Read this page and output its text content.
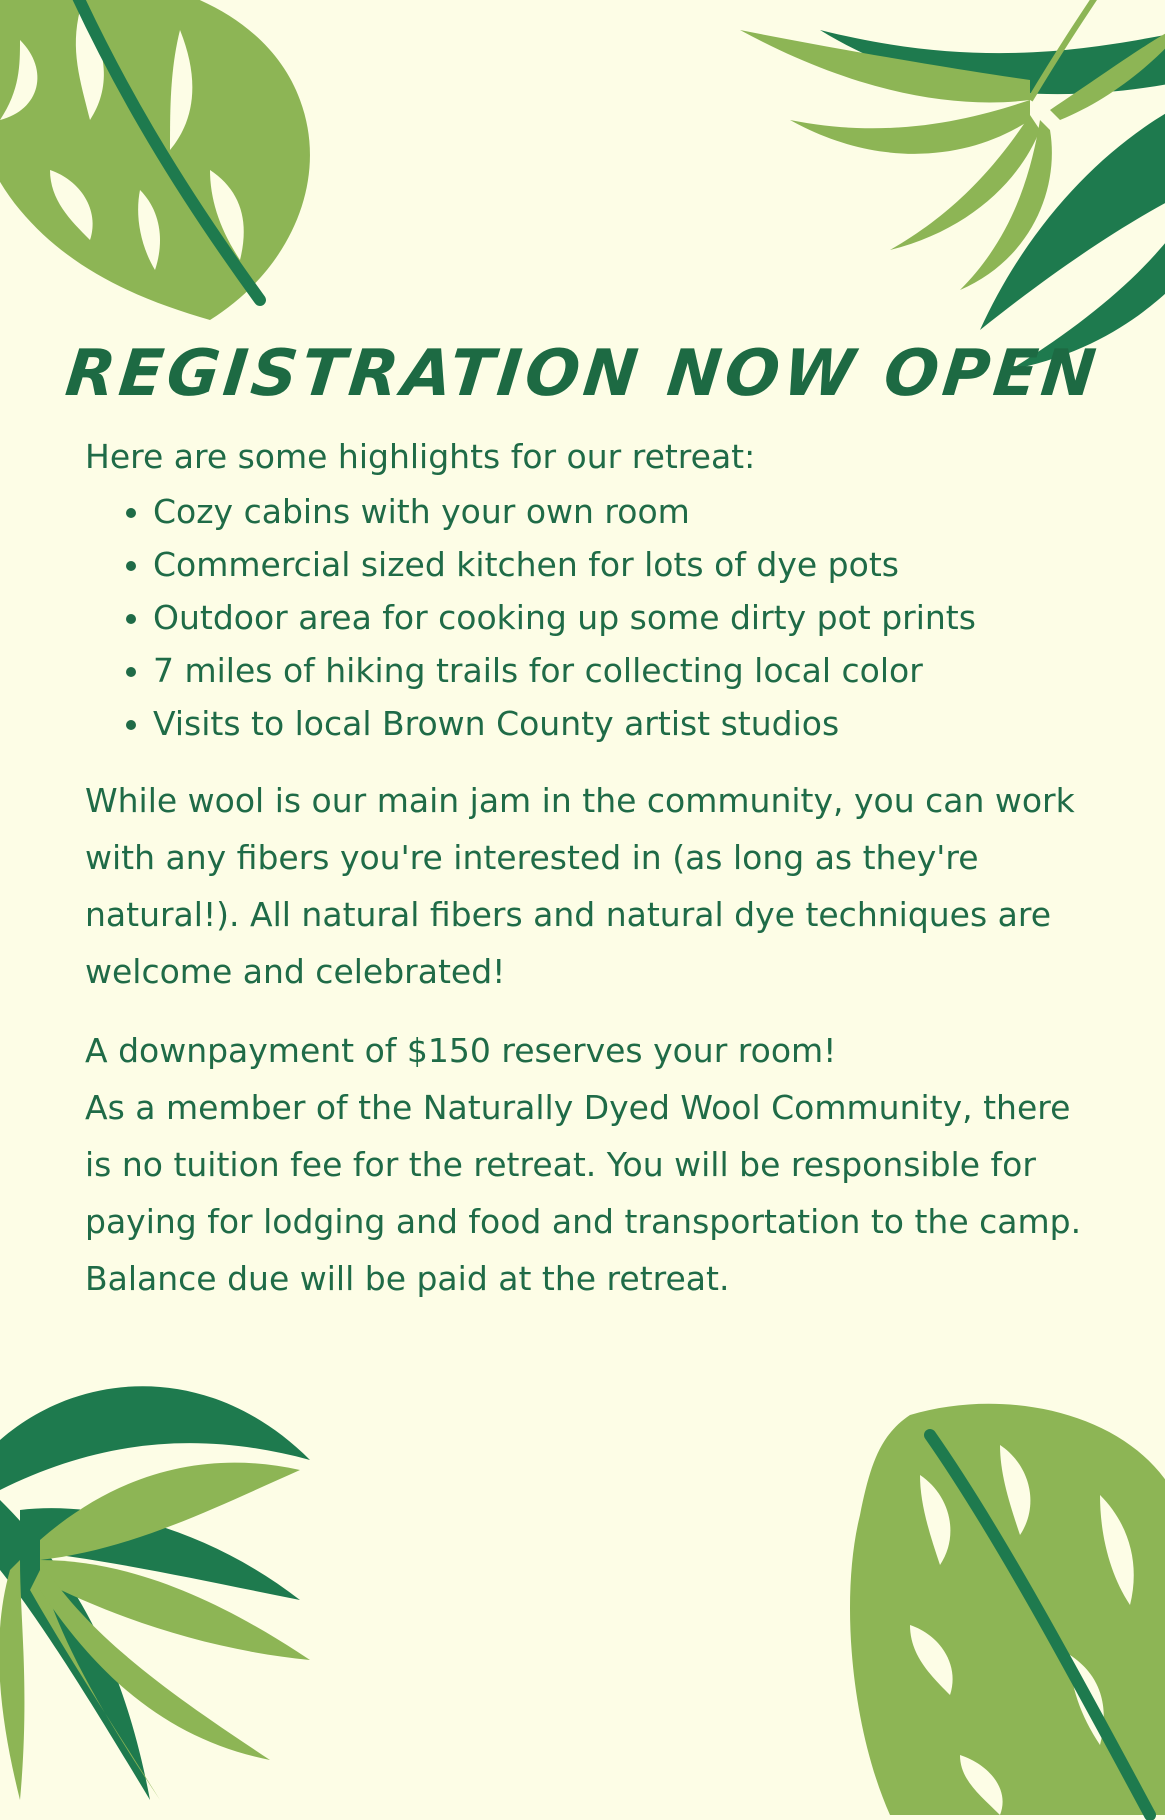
REGISTRATION NOW OPEN

Here are some highlights for our retreat:

• Cozy cabins with your own room
• Commercial sized kitchen for lots of dye pots
• Outdoor area for cooking up some dirty pot prints
• 7 miles of hiking trails for collecting local color
• Visits to local Brown County artist studios

While wool is our main jam in the community, you can work with any fibers you're interested in (as long as they're natural!). All natural fibers and natural dye techniques are welcome and celebrated!

A downpayment of $150 reserves your room!

As a member of the Naturally Dyed Wool Community, there is no tuition fee for the retreat. You will be responsible for paying for lodging and food and transportation to the camp. Balance due will be paid at the retreat.
